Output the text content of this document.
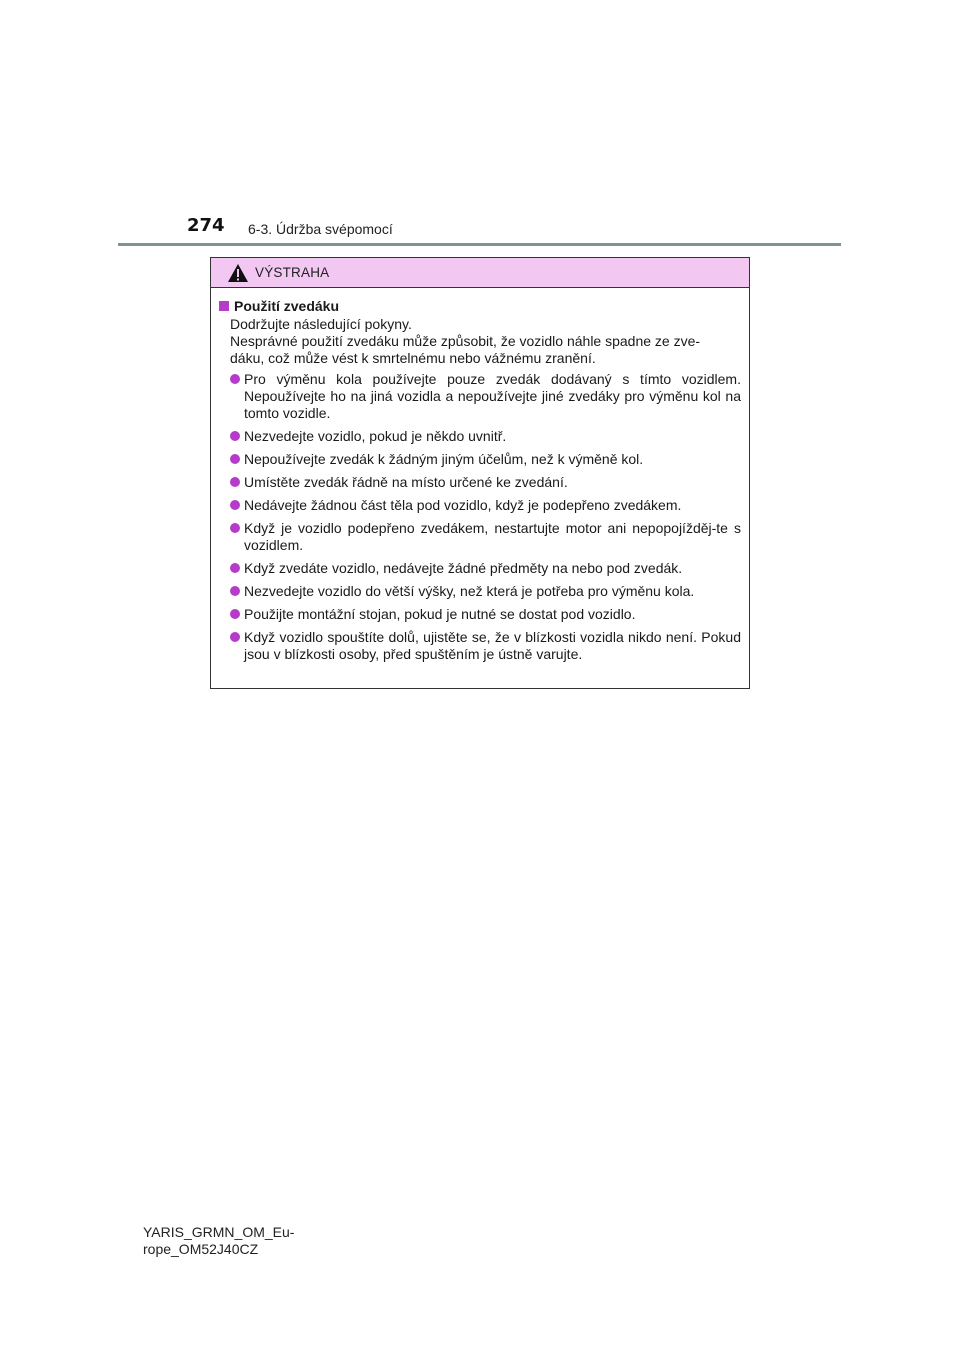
274 6-3. Údržba svépomocí
VÝSTRAHA
Použití zvedáku
Dodržujte následující pokyny.
Nesprávné použití zvedáku může způsobit, že vozidlo náhle spadne ze zve-
dáku, což může vést k smrtelnému nebo vážnému zranění.
Pro výměnu kola používejte pouze zvedák dodávaný s tímto vozidlem. Nepoužívejte ho na jiná vozidla a nepoužívejte jiné zvedáky pro výměnu kol na tomto vozidle.
Nezvedejte vozidlo, pokud je někdo uvnitř.
Nepoužívejte zvedák k žádným jiným účelům, než k výměně kol.
Umístěte zvedák řádně na místo určené ke zvedání.
Nedávejte žádnou část těla pod vozidlo, když je podepřeno zvedákem.
Když je vozidlo podepřeno zvedákem, nestartujte motor ani nepopojížděj-te s vozidlem.
Když zvedáte vozidlo, nedávejte žádné předměty na nebo pod zvedák.
Nezvedejte vozidlo do větší výšky, než která je potřeba pro výměnu kola.
Použijte montážní stojan, pokud je nutné se dostat pod vozidlo.
Když vozidlo spouštíte dolů, ujistěte se, že v blízkosti vozidla nikdo není. Pokud jsou v blízkosti osoby, před spuštěním je ústně varujte.
YARIS_GRMN_OM_Eu-
rope_OM52J40CZ
